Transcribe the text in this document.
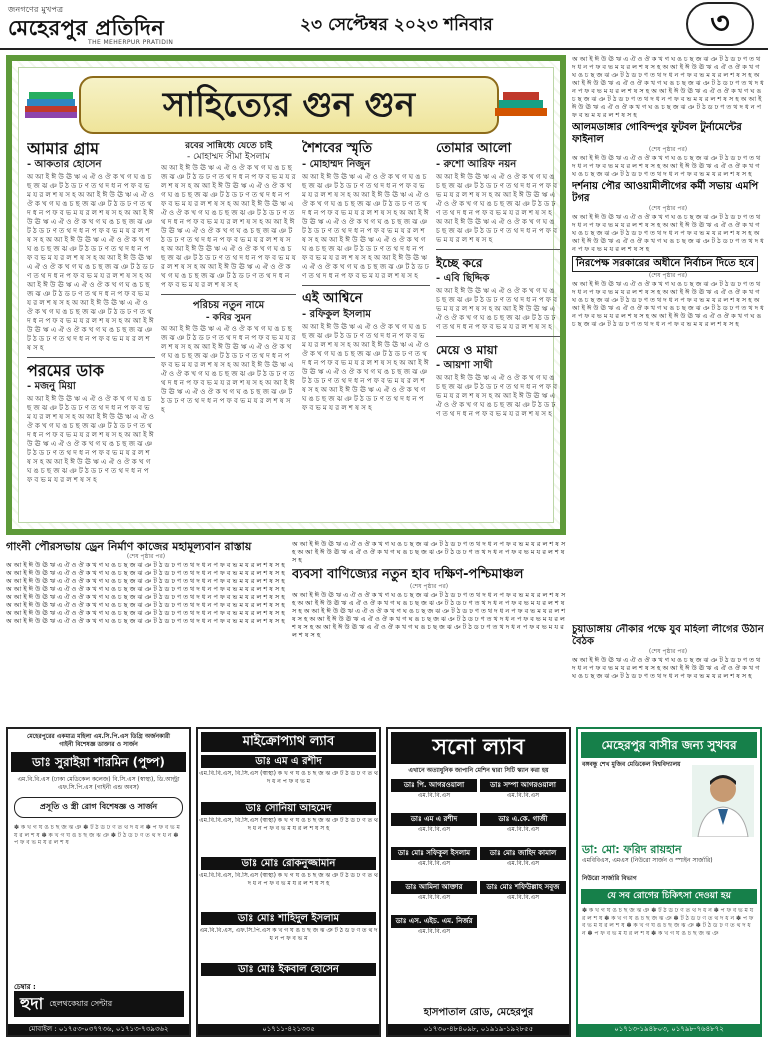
জনগণের মুখপত্র
মেহেরপুর প্রতিদিন
THE MEHERPUR PRATIDIN
২৩ সেপ্টেম্বর ২০২৩ শনিবার	৩
সাহিত্যের গুন গুন
আমার গ্রাম
- আকতার হোসেন

অ আ ই ঈ উ ঊ ঋ এ ঐ ও ঔ ক খ গ ঘ ঙ চ ছ জ ঝ ঞ ট ঠ ড ঢ ণ ত থ দ ধ ন প ফ ব ভ ম য র ল শ ষ স হ অ আ ই ঈ উ ঊ ঋ এ ঐ ও ঔ ক খ গ ঘ ঙ চ ছ জ ঝ ঞ ট ঠ ড ঢ ণ ত থ দ ধ ন প ফ ব ভ ম য র ল শ ষ স হ অ আ ই ঈ উ ঊ ঋ এ ঐ ও ঔ ক খ গ ঘ ঙ চ ছ জ ঝ ঞ ট ঠ ড ঢ ণ ত থ দ ধ ন প ফ ব ভ ম য র ল শ ষ স হ অ আ ই ঈ উ ঊ ঋ এ ঐ ও ঔ ক খ গ ঘ ঙ চ ছ জ ঝ ঞ ট ঠ ড ঢ ণ ত থ দ ধ ন প ফ ব ভ ম য র ল শ ষ স হ অ আ ই ঈ উ ঊ ঋ এ ঐ ও ঔ ক খ গ ঘ ঙ চ ছ জ ঝ ঞ ট ঠ ড ঢ ণ ত থ দ ধ ন প ফ ব ভ ম য র ল শ ষ স হ অ আ ই ঈ উ ঊ ঋ এ ঐ ও ঔ ক খ গ ঘ ঙ চ ছ জ ঝ ঞ ট ঠ ড ঢ ণ ত থ দ ধ ন প ফ ব ভ ম য র ল শ ষ স হ অ আ ই ঈ উ ঊ ঋ এ ঐ ও ঔ ক খ গ ঘ ঙ চ ছ জ ঝ ঞ ট ঠ ড ঢ ণ ত থ দ ধ ন প ফ ব ভ ম য র ল শ ষ স হ অ আ ই ঈ উ ঊ ঋ এ ঐ ও ঔ ক খ গ ঘ ঙ চ ছ জ ঝ ঞ ট ঠ ড ঢ ণ ত থ দ ধ ন প ফ ব ভ ম য র ল শ ষ স হ

পরমের ডাক
- মজনু মিয়া

অ আ ই ঈ উ ঊ ঋ এ ঐ ও ঔ ক খ গ ঘ ঙ চ ছ জ ঝ ঞ ট ঠ ড ঢ ণ ত থ দ ধ ন প ফ ব ভ ম য র ল শ ষ স হ অ আ ই ঈ উ ঊ ঋ এ ঐ ও ঔ ক খ গ ঘ ঙ চ ছ জ ঝ ঞ ট ঠ ড ঢ ণ ত থ দ ধ ন প ফ ব ভ ম য র ল শ ষ স হ অ আ ই ঈ উ ঊ ঋ এ ঐ ও ঔ ক খ গ ঘ ঙ চ ছ জ ঝ ঞ ট ঠ ড ঢ ণ ত থ দ ধ ন প ফ ব ভ ম য র ল শ ষ স হ অ আ ই ঈ উ ঊ ঋ এ ঐ ও ঔ ক খ গ ঘ ঙ চ ছ জ ঝ ঞ ট ঠ ড ঢ ণ ত থ দ ধ ন প ফ ব ভ ম য র ল শ ষ স হ

রবের সান্নিধ্যে যেতে চাই
- মোহাম্মদ সীমা ইসলাম

অ আ ই ঈ উ ঊ ঋ এ ঐ ও ঔ ক খ গ ঘ ঙ চ ছ জ ঝ ঞ ট ঠ ড ঢ ণ ত থ দ ধ ন প ফ ব ভ ম য র ল শ ষ স হ অ আ ই ঈ উ ঊ ঋ এ ঐ ও ঔ ক খ গ ঘ ঙ চ ছ জ ঝ ঞ ট ঠ ড ঢ ণ ত থ দ ধ ন প ফ ব ভ ম য র ল শ ষ স হ অ আ ই ঈ উ ঊ ঋ এ ঐ ও ঔ ক খ গ ঘ ঙ চ ছ জ ঝ ঞ ট ঠ ড ঢ ণ ত থ দ ধ ন প ফ ব ভ ম য র ল শ ষ স হ অ আ ই ঈ উ ঊ ঋ এ ঐ ও ঔ ক খ গ ঘ ঙ চ ছ জ ঝ ঞ ট ঠ ড ঢ ণ ত থ দ ধ ন প ফ ব ভ ম য র ল শ ষ স হ অ আ ই ঈ উ ঊ ঋ এ ঐ ও ঔ ক খ গ ঘ ঙ চ ছ জ ঝ ঞ ট ঠ ড ঢ ণ ত থ দ ধ ন প ফ ব ভ ম য র ল শ ষ স হ অ আ ই ঈ উ ঊ ঋ এ ঐ ও ঔ ক খ গ ঘ ঙ চ ছ জ ঝ ঞ ট ঠ ড ঢ ণ ত থ দ ধ ন প ফ ব ভ ম য র ল শ ষ স হ

পরিচয় নতুন নামে
- কবির সুমন

অ আ ই ঈ উ ঊ ঋ এ ঐ ও ঔ ক খ গ ঘ ঙ চ ছ জ ঝ ঞ ট ঠ ড ঢ ণ ত থ দ ধ ন প ফ ব ভ ম য র ল শ ষ স হ অ আ ই ঈ উ ঊ ঋ এ ঐ ও ঔ ক খ গ ঘ ঙ চ ছ জ ঝ ঞ ট ঠ ড ঢ ণ ত থ দ ধ ন প ফ ব ভ ম য র ল শ ষ স হ অ আ ই ঈ উ ঊ ঋ এ ঐ ও ঔ ক খ গ ঘ ঙ চ ছ জ ঝ ঞ ট ঠ ড ঢ ণ ত থ দ ধ ন প ফ ব ভ ম য র ল শ ষ স হ অ আ ই ঈ উ ঊ ঋ এ ঐ ও ঔ ক খ গ ঘ ঙ চ ছ জ ঝ ঞ ট ঠ ড ঢ ণ ত থ দ ধ ন প ফ ব ভ ম য র ল শ ষ স হ

শৈশবের স্মৃতি
- মোহাম্মদ নিজুন

অ আ ই ঈ উ ঊ ঋ এ ঐ ও ঔ ক খ গ ঘ ঙ চ ছ জ ঝ ঞ ট ঠ ড ঢ ণ ত থ দ ধ ন প ফ ব ভ ম য র ল শ ষ স হ অ আ ই ঈ উ ঊ ঋ এ ঐ ও ঔ ক খ গ ঘ ঙ চ ছ জ ঝ ঞ ট ঠ ড ঢ ণ ত থ দ ধ ন প ফ ব ভ ম য র ল শ ষ স হ অ আ ই ঈ উ ঊ ঋ এ ঐ ও ঔ ক খ গ ঘ ঙ চ ছ জ ঝ ঞ ট ঠ ড ঢ ণ ত থ দ ধ ন প ফ ব ভ ম য র ল শ ষ স হ অ আ ই ঈ উ ঊ ঋ এ ঐ ও ঔ ক খ গ ঘ ঙ চ ছ জ ঝ ঞ ট ঠ ড ঢ ণ ত থ দ ধ ন প ফ ব ভ ম য র ল শ ষ স হ অ আ ই ঈ উ ঊ ঋ এ ঐ ও ঔ ক খ গ ঘ ঙ চ ছ জ ঝ ঞ ট ঠ ড ঢ ণ ত থ দ ধ ন প ফ ব ভ ম য র ল শ ষ স হ

এই আশ্বিনে
- রফিকুল ইসলাম

অ আ ই ঈ উ ঊ ঋ এ ঐ ও ঔ ক খ গ ঘ ঙ চ ছ জ ঝ ঞ ট ঠ ড ঢ ণ ত থ দ ধ ন প ফ ব ভ ম য র ল শ ষ স হ অ আ ই ঈ উ ঊ ঋ এ ঐ ও ঔ ক খ গ ঘ ঙ চ ছ জ ঝ ঞ ট ঠ ড ঢ ণ ত থ দ ধ ন প ফ ব ভ ম য র ল শ ষ স হ অ আ ই ঈ উ ঊ ঋ এ ঐ ও ঔ ক খ গ ঘ ঙ চ ছ জ ঝ ঞ ট ঠ ড ঢ ণ ত থ দ ধ ন প ফ ব ভ ম য র ল শ ষ স হ অ আ ই ঈ উ ঊ ঋ এ ঐ ও ঔ ক খ গ ঘ ঙ চ ছ জ ঝ ঞ ট ঠ ড ঢ ণ ত থ দ ধ ন প ফ ব ভ ম য র ল শ ষ স হ

তোমার আলো
- রুশো আরিফ নয়ন

অ আ ই ঈ উ ঊ ঋ এ ঐ ও ঔ ক খ গ ঘ ঙ চ ছ জ ঝ ঞ ট ঠ ড ঢ ণ ত থ দ ধ ন প ফ ব ভ ম য র ল শ ষ স হ অ আ ই ঈ উ ঊ ঋ এ ঐ ও ঔ ক খ গ ঘ ঙ চ ছ জ ঝ ঞ ট ঠ ড ঢ ণ ত থ দ ধ ন প ফ ব ভ ম য র ল শ ষ স হ অ আ ই ঈ উ ঊ ঋ এ ঐ ও ঔ ক খ গ ঘ ঙ চ ছ জ ঝ ঞ ট ঠ ড ঢ ণ ত থ দ ধ ন প ফ ব ভ ম য র ল শ ষ স হ

ইচ্ছে করে
- এবি ছিদ্দিক

অ আ ই ঈ উ ঊ ঋ এ ঐ ও ঔ ক খ গ ঘ ঙ চ ছ জ ঝ ঞ ট ঠ ড ঢ ণ ত থ দ ধ ন প ফ ব ভ ম য র ল শ ষ স হ অ আ ই ঈ উ ঊ ঋ এ ঐ ও ঔ ক খ গ ঘ ঙ চ ছ জ ঝ ঞ ট ঠ ড ঢ ণ ত থ দ ধ ন প ফ ব ভ ম য র ল শ ষ স হ

মেয়ে ও মায়া
- আয়শা সাথী

অ আ ই ঈ উ ঊ ঋ এ ঐ ও ঔ ক খ গ ঘ ঙ চ ছ জ ঝ ঞ ট ঠ ড ঢ ণ ত থ দ ধ ন প ফ ব ভ ম য র ল শ ষ স হ অ আ ই ঈ উ ঊ ঋ এ ঐ ও ঔ ক খ গ ঘ ঙ চ ছ জ ঝ ঞ ট ঠ ড ঢ ণ ত থ দ ধ ন প ফ ব ভ ম য র ল শ ষ স হ

অ আ ই ঈ উ ঊ ঋ এ ঐ ও ঔ ক খ গ ঘ ঙ চ ছ জ ঝ ঞ ট ঠ ড ঢ ণ ত থ দ ধ ন প ফ ব ভ ম য র ল শ ষ স হ অ আ ই ঈ উ ঊ ঋ এ ঐ ও ঔ ক খ গ ঘ ঙ চ ছ জ ঝ ঞ ট ঠ ড ঢ ণ ত থ দ ধ ন প ফ ব ভ ম য র ল শ ষ স হ অ আ ই ঈ উ ঊ ঋ এ ঐ ও ঔ ক খ গ ঘ ঙ চ ছ জ ঝ ঞ ট ঠ ড ঢ ণ ত থ দ ধ ন প ফ ব ভ ম য র ল শ ষ স হ অ আ ই ঈ উ ঊ ঋ এ ঐ ও ঔ ক খ গ ঘ ঙ চ ছ জ ঝ ঞ ট ঠ ড ঢ ণ ত থ দ ধ ন প ফ ব ভ ম য র ল শ ষ স হ অ আ ই ঈ উ ঊ ঋ এ ঐ ও ঔ ক খ গ ঘ ঙ চ ছ জ ঝ ঞ ট ঠ ড ঢ ণ ত থ দ ধ ন প ফ ব ভ ম য র ল শ ষ স হ

আলমডাঙ্গার গোবিন্দপুর ফুটবল টুর্নামেন্টের ফাইনাল
(শেষ পৃষ্ঠার পর)

অ আ ই ঈ উ ঊ ঋ এ ঐ ও ঔ ক খ গ ঘ ঙ চ ছ জ ঝ ঞ ট ঠ ড ঢ ণ ত থ দ ধ ন প ফ ব ভ ম য র ল শ ষ স হ অ আ ই ঈ উ ঊ ঋ এ ঐ ও ঔ ক খ গ ঘ ঙ চ ছ জ ঝ ঞ ট ঠ ড ঢ ণ ত থ দ ধ ন প ফ ব ভ ম য র ল শ ষ স হ

দর্শনায় পৌর আওয়ামীলীগের কর্মী সভায় এমপি টগর
(শেষ পৃষ্ঠার পর)

অ আ ই ঈ উ ঊ ঋ এ ঐ ও ঔ ক খ গ ঘ ঙ চ ছ জ ঝ ঞ ট ঠ ড ঢ ণ ত থ দ ধ ন প ফ ব ভ ম য র ল শ ষ স হ অ আ ই ঈ উ ঊ ঋ এ ঐ ও ঔ ক খ গ ঘ ঙ চ ছ জ ঝ ঞ ট ঠ ড ঢ ণ ত থ দ ধ ন প ফ ব ভ ম য র ল শ ষ স হ অ আ ই ঈ উ ঊ ঋ এ ঐ ও ঔ ক খ গ ঘ ঙ চ ছ জ ঝ ঞ ট ঠ ড ঢ ণ ত থ দ ধ ন প ফ ব ভ ম য র ল শ ষ স হ

নিরপেক্ষ সরকারের অধীনে নির্বাচন দিতে হবে
(শেষ পৃষ্ঠার পর)

অ আ ই ঈ উ ঊ ঋ এ ঐ ও ঔ ক খ গ ঘ ঙ চ ছ জ ঝ ঞ ট ঠ ড ঢ ণ ত থ দ ধ ন প ফ ব ভ ম য র ল শ ষ স হ অ আ ই ঈ উ ঊ ঋ এ ঐ ও ঔ ক খ গ ঘ ঙ চ ছ জ ঝ ঞ ট ঠ ড ঢ ণ ত থ দ ধ ন প ফ ব ভ ম য র ল শ ষ স হ অ আ ই ঈ উ ঊ ঋ এ ঐ ও ঔ ক খ গ ঘ ঙ চ ছ জ ঝ ঞ ট ঠ ড ঢ ণ ত থ দ ধ ন প ফ ব ভ ম য র ল শ ষ স হ অ আ ই ঈ উ ঊ ঋ এ ঐ ও ঔ ক খ গ ঘ ঙ চ ছ জ ঝ ঞ ট ঠ ড ঢ ণ ত থ দ ধ ন প ফ ব ভ ম য র ল শ ষ স হ

চুয়াডাঙ্গায় নৌকার পক্ষে যুব মহিলা লীগের উঠান বৈঠক
(শেষ পৃষ্ঠার পর)

অ আ ই ঈ উ ঊ ঋ এ ঐ ও ঔ ক খ গ ঘ ঙ চ ছ জ ঝ ঞ ট ঠ ড ঢ ণ ত থ দ ধ ন প ফ ব ভ ম য র ল শ ষ স হ অ আ ই ঈ উ ঊ ঋ এ ঐ ও ঔ ক খ গ ঘ ঙ চ ছ জ ঝ ঞ ট ঠ ড ঢ ণ ত থ দ ধ ন প ফ ব ভ ম য র ল শ ষ স হ

গাংনী পৌরসভায় ড্রেন নির্মাণ কাজের মহামূল্যবান রাস্তায়
(শেষ পৃষ্ঠার পর)

অ আ ই ঈ উ ঊ ঋ এ ঐ ও ঔ ক খ গ ঘ ঙ চ ছ জ ঝ ঞ ট ঠ ড ঢ ণ ত থ দ ধ ন প ফ ব ভ ম য র ল শ ষ স হ অ আ ই ঈ উ ঊ ঋ এ ঐ ও ঔ ক খ গ ঘ ঙ চ ছ জ ঝ ঞ ট ঠ ড ঢ ণ ত থ দ ধ ন প ফ ব ভ ম য র ল শ ষ স হ অ আ ই ঈ উ ঊ ঋ এ ঐ ও ঔ ক খ গ ঘ ঙ চ ছ জ ঝ ঞ ট ঠ ড ঢ ণ ত থ দ ধ ন প ফ ব ভ ম য র ল শ ষ স হ অ আ ই ঈ উ ঊ ঋ এ ঐ ও ঔ ক খ গ ঘ ঙ চ ছ জ ঝ ঞ ট ঠ ড ঢ ণ ত থ দ ধ ন প ফ ব ভ ম য র ল শ ষ স হ অ আ ই ঈ উ ঊ ঋ এ ঐ ও ঔ ক খ গ ঘ ঙ চ ছ জ ঝ ঞ ট ঠ ড ঢ ণ ত থ দ ধ ন প ফ ব ভ ম য র ল শ ষ স হ অ আ ই ঈ উ ঊ ঋ এ ঐ ও ঔ ক খ গ ঘ ঙ চ ছ জ ঝ ঞ ট ঠ ড ঢ ণ ত থ দ ধ ন প ফ ব ভ ম য র ল শ ষ স হ অ আ ই ঈ উ ঊ ঋ এ ঐ ও ঔ ক খ গ ঘ ঙ চ ছ জ ঝ ঞ ট ঠ ড ঢ ণ ত থ দ ধ ন প ফ ব ভ ম য র ল শ ষ স হ অ আ ই ঈ উ ঊ ঋ এ ঐ ও ঔ ক খ গ ঘ ঙ চ ছ জ ঝ ঞ ট ঠ ড ঢ ণ ত থ দ ধ ন প ফ ব ভ ম য র ল শ ষ স হ

অ আ ই ঈ উ ঊ ঋ এ ঐ ও ঔ ক খ গ ঘ ঙ চ ছ জ ঝ ঞ ট ঠ ড ঢ ণ ত থ দ ধ ন প ফ ব ভ ম য র ল শ ষ স হ অ আ ই ঈ উ ঊ ঋ এ ঐ ও ঔ ক খ গ ঘ ঙ চ ছ জ ঝ ঞ ট ঠ ড ঢ ণ ত থ দ ধ ন প ফ ব ভ ম য র ল শ ষ স হ

ব্যবসা বাণিজ্যের নতুন হাব দক্ষিণ-পশ্চিমাঞ্চল
(শেষ পৃষ্ঠার পর)

অ আ ই ঈ উ ঊ ঋ এ ঐ ও ঔ ক খ গ ঘ ঙ চ ছ জ ঝ ঞ ট ঠ ড ঢ ণ ত থ দ ধ ন প ফ ব ভ ম য র ল শ ষ স হ অ আ ই ঈ উ ঊ ঋ এ ঐ ও ঔ ক খ গ ঘ ঙ চ ছ জ ঝ ঞ ট ঠ ড ঢ ণ ত থ দ ধ ন প ফ ব ভ ম য র ল শ ষ স হ অ আ ই ঈ উ ঊ ঋ এ ঐ ও ঔ ক খ গ ঘ ঙ চ ছ জ ঝ ঞ ট ঠ ড ঢ ণ ত থ দ ধ ন প ফ ব ভ ম য র ল শ ষ স হ অ আ ই ঈ উ ঊ ঋ এ ঐ ও ঔ ক খ গ ঘ ঙ চ ছ জ ঝ ঞ ট ঠ ড ঢ ণ ত থ দ ধ ন প ফ ব ভ ম য র ল শ ষ স হ অ আ ই ঈ উ ঊ ঋ এ ঐ ও ঔ ক খ গ ঘ ঙ চ ছ জ ঝ ঞ ট ঠ ড ঢ ণ ত থ দ ধ ন প ফ ব ভ ম য র ল শ ষ স হ

মেহেরপুরের একমাত্র মহিলা এম.সি.পি.এস ডিগ্রি অর্জনকারী
গাইনী বিশেষজ্ঞ ডাক্তার ও সার্জন
ডাঃ সুরাইয়া শারমিন (পুষ্প)
এম.বি.বি.এস (ঢাকা মেডিকেল কলেজ) বি.সি.এস (স্বাস্থ্য), ডি.আল্ট্রা এফ.সি.পি.এস (গাইনী এন্ড অবস)
প্রসূতি ও স্ত্রী রোগ বিশেষজ্ঞ ও সার্জন
✽ ক খ গ ঘ ঙ চ ছ জ ঝ ঞ ✽ ট ঠ ড ঢ ণ ত থ দ ধ ন ✽ প ফ ব ভ ম য র ল শ ষ ✽ ক খ গ ঘ ঙ চ ছ জ ঝ ঞ ✽ ট ঠ ড ঢ ণ ত থ দ ধ ন ✽ প ফ ব ভ ম য র ল শ ষ
চেম্বার :
হুদা হেলথকেয়ার সেন্টার
মোবাইল : ০১৭৫৩-০৩৭৭৩৬, ০১৭১৩-৭৩৯৩৬২
মাইক্রোপ্যাথ ল্যাব
ডাঃ এম এ রশীদ
এম.বি.বি.এস, বি.সি.এস (স্বাস্থ্য) ক খ গ ঘ ঙ চ ছ জ ঝ ঞ ট ঠ ড ঢ ণ ত থ দ ধ ন প ফ ব ভ ম
ডাঃ সোনিয়া আহমেদ
এম.বি.বি.এস, বি.সি.এস (স্বাস্থ্য) ক খ গ ঘ ঙ চ ছ জ ঝ ঞ ট ঠ ড ঢ ণ ত থ দ ধ ন প ফ ব ভ ম য র ল শ ষ স হ
ডাঃ মোঃ রোকনুজ্জামান
এম.বি.বি.এস, বি.সি.এস (স্বাস্থ্য) ক খ গ ঘ ঙ চ ছ জ ঝ ঞ ট ঠ ড ঢ ণ ত থ দ ধ ন প ফ ব ভ ম য র ল শ ষ স হ
ডাঃ মোঃ শাহিদুল ইসলাম
এম.বি.বি.এস, এফ.সি.পি.এস ক খ গ ঘ ঙ চ ছ জ ঝ ঞ ট ঠ ড ঢ ণ ত থ দ ধ ন প ফ ব ভ ম
ডাঃ মোঃ ইকবাল হোসেন
০১৭১১-৪২১৩৩৫
সনো ল্যাব
এখানে অত্যাধুনিক জাপানি মেশিন দ্বারা সিটি স্ক্যান করা হয়
ডাঃ পি. আগরওয়ালা
এম.বি.বি.এস
ডাঃ সম্পা আগরওয়ালা
এম.বি.বি.এস
ডাঃ এম এ রশীদ
এম.বি.বি.এস
ডাঃ এ.কে. গাজী
এম.বি.বি.এস
ডাঃ মোঃ সফিকুল ইসলাম
এম.বি.বি.এস
ডাঃ মোঃ জাহিদ কামাল
এম.বি.বি.এস
ডাঃ আমিনা আক্তার
এম.বি.বি.এস
ডাঃ মোঃ শফিউল্লাহ সবুজ
এম.বি.বি.এস
ডাঃ এস. এইচ. এম. নির্জর
এম.বি.বি.এস
হাসপাতাল রোড, মেহেরপুর
০১৭৩০-৪৮৪০৯৮, ০১৯১৯-১৯২৮৫৫
মেহেরপুর বাসীর জন্য সুখবর
বঙ্গবন্ধু শেখ মুজিব মেডিকেল বিশ্ববিদ্যালয়
ডা: মো: ফরিদ রায়হান
এমবিবিএস, এমএস (নিউরো সার্জন ও স্পাইন সার্জারি)
নিউরো সার্জারি বিভাগ
যে সব রোগের চিকিৎসা দেওয়া হয়
✽ ক খ গ ঘ ঙ চ ছ জ ঝ ঞ ✽ ট ঠ ড ঢ ণ ত থ দ ধ ন ✽ প ফ ব ভ ম য র ল শ ষ ✽ ক খ গ ঘ ঙ চ ছ জ ঝ ঞ ✽ ট ঠ ড ঢ ণ ত থ দ ধ ন ✽ প ফ ব ভ ম য র ল শ ষ ✽ ক খ গ ঘ ঙ চ ছ জ ঝ ঞ ✽ ট ঠ ড ঢ ণ ত থ দ ধ ন ✽ প ফ ব ভ ম য র ল শ ষ ✽ ক খ গ ঘ ঙ চ ছ জ ঝ ঞ
০১৭১৩-১৯৪৮০৩, ০১৭৯৮-৭৬৪৮৭২
